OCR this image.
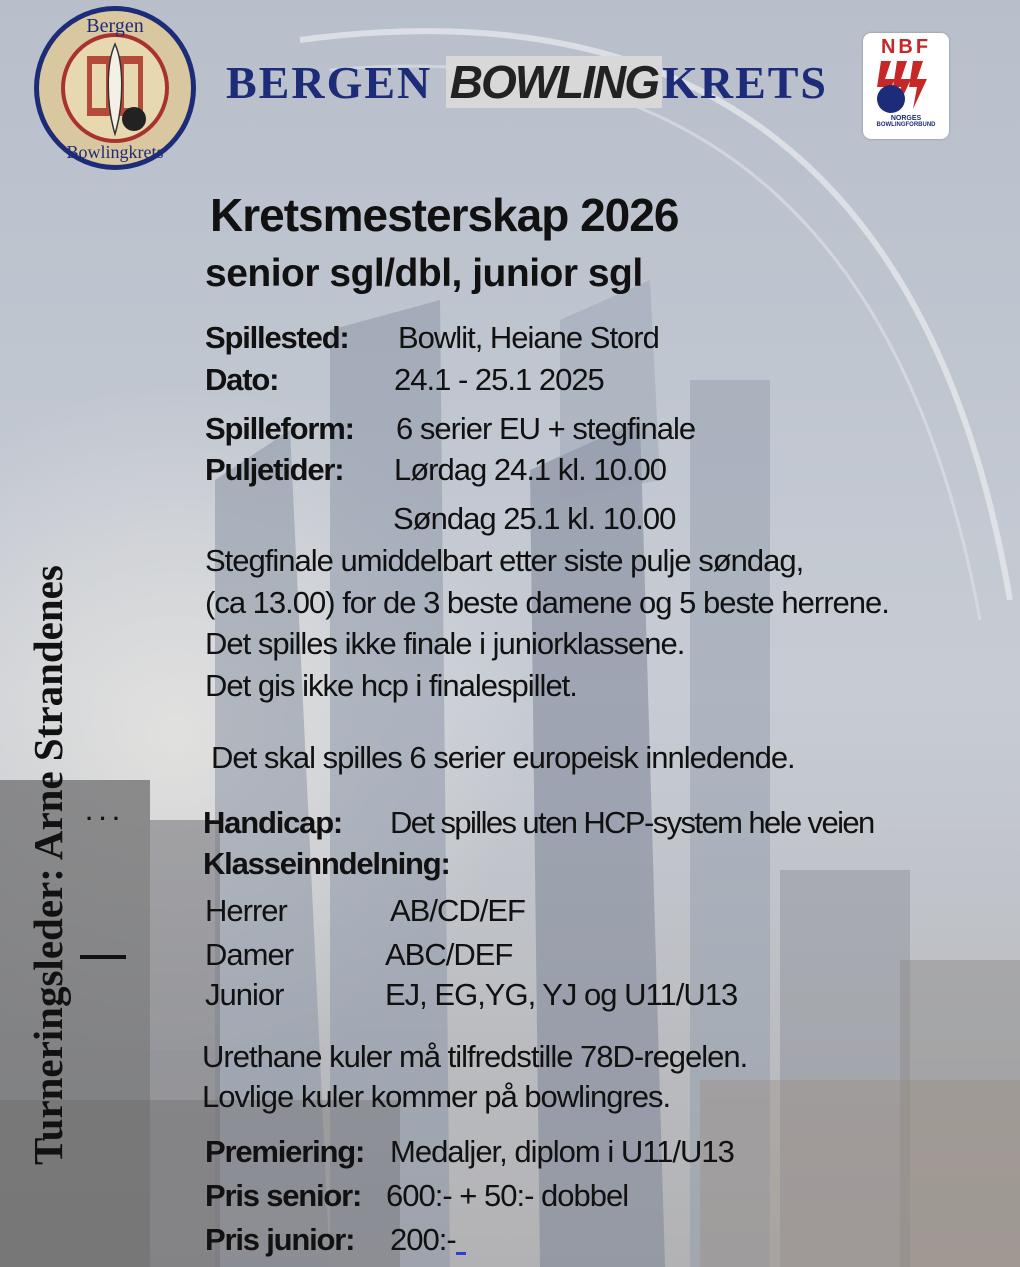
Bergen
Bowlingkrets
BERGEN BOWLINGKRETS
NBF
NORGES
BOWLINGFORBUND
Turneringsleder: Arne Strandenes · · ·
Kretsmesterskap 2026
senior sgl/dbl, junior sgl
Spillested: Bowlit, Heiane Stord
Dato:	24.1 - 25.1 2025
Spilleform: 6 serier EU + stegfinale
Puljetider: Lørdag 24.1 kl. 10.00
Søndag 25.1 kl. 10.00
Stegfinale umiddelbart etter siste pulje søndag,
(ca 13.00) for de 3 beste damene og 5 beste herrene.
Det spilles ikke finale i juniorklassene.
Det gis ikke hcp i finalespillet.
Det skal spilles 6 serier europeisk innledende.
Handicap: Det spilles uten HCP-system hele veien
Klasseinndelning:
Herrer	AB/CD/EF
Damer	ABC/DEF
Junior	EJ, EG,YG, YJ og U11/U13
Urethane kuler må tilfredstille 78D-regelen.
Lovlige kuler kommer på bowlingres.
Premiering: Medaljer, diplom i U11/U13
Pris senior: 600:- + 50:- dobbel
Pris junior: 200:-
